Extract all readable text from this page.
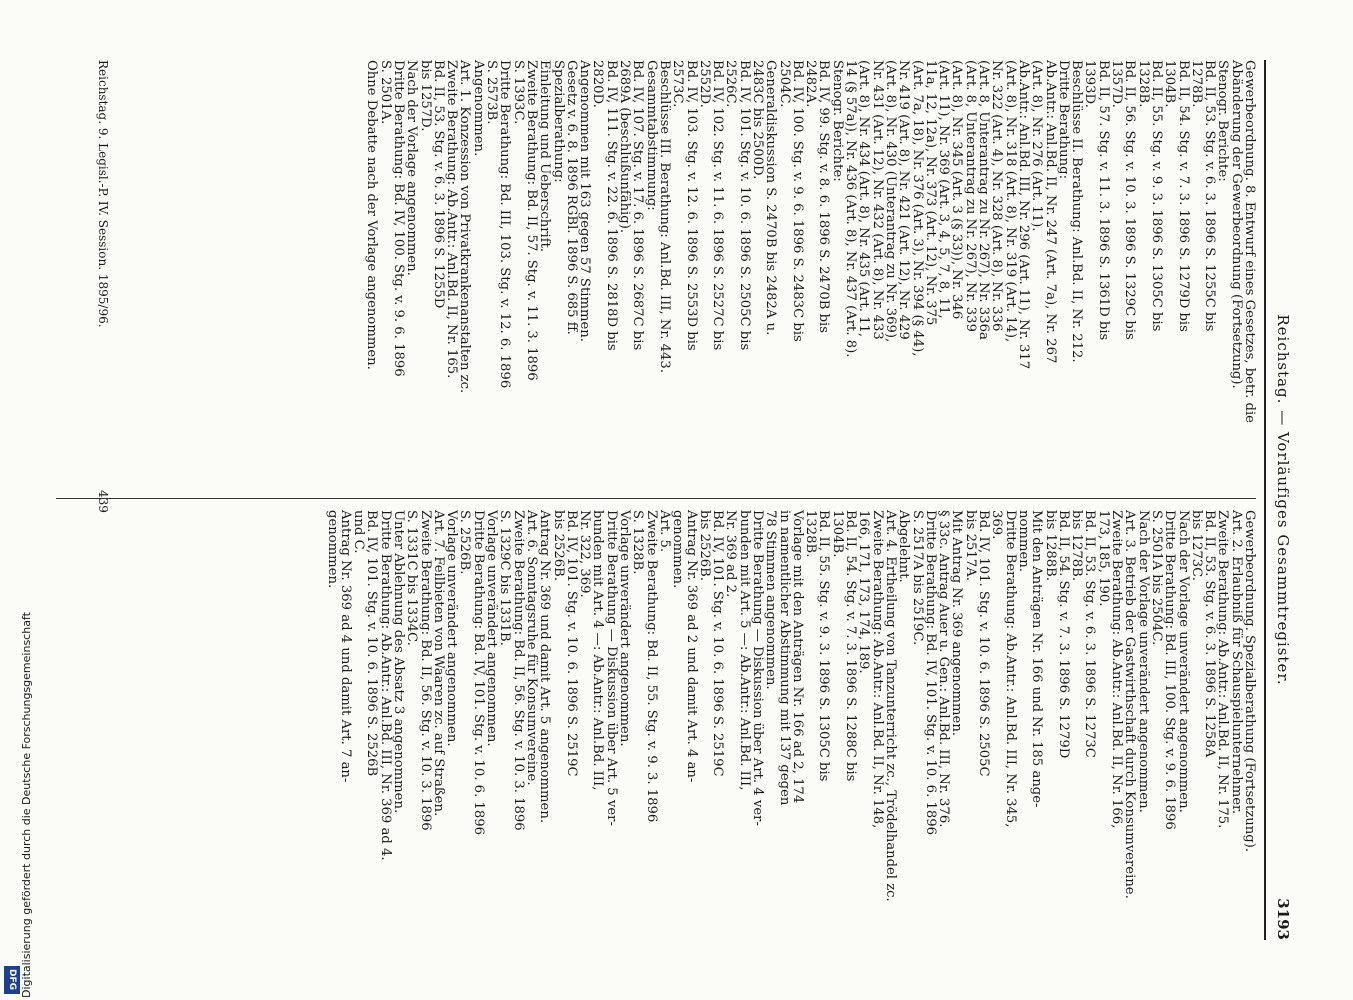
Reichstag. — Vorläufiges Gesammtregister.
3193
Gewerbeordnung. 8. Entwurf eines Gesetzes, betr. die
Abänderung der Gewerbeordnung (Fortsetzung).
Stenogr. Berichte:
Bd. II, 53. Stg. v. 6. 3. 1896 S. 1255C bis
1278B.
Bd. II, 54. Stg. v. 7. 3. 1896 S. 1279D bis
1304B.
Bd. II, 55. Stg. v. 9. 3. 1896 S. 1305C bis
1328B.
Bd. II, 56. Stg. v. 10. 3. 1896 S. 1329C bis
1357D.
Bd. II, 57. Stg. v. 11. 3. 1896 S. 1361D bis
1393D.
Beschlüsse II. Berathung: Anl.Bd. II, Nr. 212.
Dritte Berathung:
Ab.Antr.: Anl.Bd. II, Nr. 247 (Art. 7a), Nr. 267
(Art. 8), Nr. 276 (Art. 11).
Ab.Antr.: Anl.Bd. III, Nr. 296 (Art. 11), Nr. 317
(Art. 8), Nr. 318 (Art. 8), Nr. 319 (Art. 14),
Nr. 322 (Art. 4), Nr. 328 (Art. 8), Nr. 336
(Art. 8, Unterantrag zu Nr. 267), Nr. 336a
(Art. 8, Unterantrag zu Nr. 267), Nr. 339
(Art. 8), Nr. 345 (Art. 3 (§ 33)), Nr. 346
(Art. 11), Nr. 369 (Art. 3, 4, 5, 7, 8, 11,
11a, 12, 12a), Nr. 373 (Art. 12), Nr. 375
(Art. 7a, 18), Nr. 376 (Art. 3), Nr. 394 (§ 44),
Nr. 419 (Art. 8), Nr. 421 (Art. 12), Nr. 429
(Art. 8), Nr. 430 (Unterantrag zu Nr. 369),
Nr. 431 (Art. 12), Nr. 432 (Art. 8), Nr. 433
(Art. 8), Nr. 434 (Art. 8), Nr. 435 (Art. 11,
14 (§ 57a)), Nr. 436 (Art. 8), Nr. 437 (Art. 8).
Stenogr. Berichte:
Bd. IV, 99. Stg. v. 8. 6. 1896 S. 2470B bis
2482A.
Bd. IV, 100. Stg. v. 9. 6. 1896 S. 2483C bis
2504C.
Generaldiskussion S. 2470B bis 2482A u.
2483C bis 2500D.
Bd. IV, 101. Stg. v. 10. 6. 1896 S. 2505C bis
2526C.
Bd. IV, 102. Stg. v. 11. 6. 1896 S. 2527C bis
2552D.
Bd. IV, 103. Stg. v. 12. 6. 1896 S. 2553D bis
2573C.
Beschlüsse III. Berathung: Anl.Bd. III, Nr. 443.
Gesammtabstimmung:
Bd. IV, 107. Stg. v. 17. 6. 1896 S. 2687C bis
2689A (beschlußunfähig).
Bd. IV, 111. Stg. v. 22. 6. 1896 S. 2818D bis
2820D.
Angenommen mit 163 gegen 57 Stimmen.
Gesetz v. 6. 8. 1896 RGBl. 1896 S. 685 ff.
Spezialberathung:
Einleitung und Ueberschrift.
Zweite Berathung: Bd. II, 57. Stg. v. 11. 3. 1896
S. 1393C.
Dritte Berathung: Bd. III, 103. Stg. v. 12. 6. 1896
S. 2573B.
Angenommen.
Art. 1. Konzession von Privatkrankenanstalten zc.
Zweite Berathung: Ab.Antr.: Anl.Bd. II, Nr. 165.
Bd. II, 53. Stg. v. 6. 3. 1896 S. 1255D
bis 1257D.
Nach der Vorlage angenommen.
Dritte Berathung: Bd. IV, 100. Stg. v. 9. 6. 1896
S. 2501A.
Ohne Debatte nach der Vorlage angenommen.
Gewerbeordnung. Spezialberathung (Fortsetzung).
Art. 2. Erlaubniß für Schauspielunternehmer.
Zweite Berathung: Ab.Antr.: Anl.Bd. II, Nr. 175.
Bd. II, 53. Stg. v. 6. 3. 1896 S. 1258A
bis 1273C.
Nach der Vorlage unverändert angenommen.
Dritte Berathung: Bd. III, 100. Stg. v. 9. 6. 1896
S. 2501A bis 2504C.
Nach der Vorlage unverändert angenommen.
Art. 3. Betrieb der Gastwirthschaft durch Konsumvereine.
Zweite Berathung: Ab.Antr.: Anl.Bd. II, Nr. 166,
173, 185, 190.
Bd. II, 53. Stg. v. 6. 3. 1896 S. 1273C
bis 1278B.
Bd. II, 54. Stg. v. 7. 3. 1896 S. 1279D
bis 1288B.
Mit den Anträgen Nr. 166 und Nr. 185 ange-
nommen.
Dritte Berathung: Ab.Antr.: Anl.Bd. III, Nr. 345,
369.
Bd. IV, 101. Stg. v. 10. 6. 1896 S. 2505C
bis 2517A.
Mit Antrag Nr. 369 angenommen.
§ 33c. Antrag Auer u. Gen.: Anl.Bd. III, Nr. 376.
Dritte Berathung: Bd. IV, 101. Stg. v. 10. 6. 1896
S. 2517A bis 2519C.
Abgelehnt.
Art. 4. Ertheilung von Tanzunterricht zc., Trödelhandel zc.
Zweite Berathung: Ab.Antr.: Anl.Bd. II, Nr. 148,
166, 171, 173, 174, 189.
Bd. II, 54. Stg. v. 7. 3. 1896 S. 1288C bis
1304B.
Bd. II, 55. Stg. v. 9. 3. 1896 S. 1305C bis
1328B.
Vorlage mit den Anträgen Nr. 166 ad 2, 174
in namentlicher Abstimmung mit 137 gegen
78 Stimmen angenommen.
Dritte Berathung — Diskussion über Art. 4 ver-
bunden mit Art. 5 —: Ab.Antr.: Anl.Bd. III,
Nr. 369 ad 2.
Bd. IV, 101. Stg. v. 10. 6. 1896 S. 2519C
bis 2526B.
Antrag Nr. 369 ad 2 und damit Art. 4 an-
genommen.
Art. 5.
Zweite Berathung: Bd. II, 55. Stg. v. 9. 3. 1896
S. 1328B.
Vorlage unverändert angenommen.
Dritte Berathung — Diskussion über Art. 5 ver-
bunden mit Art. 4 —: Ab.Antr.: Anl.Bd. III,
Nr. 322, 369.
Bd. IV, 101. Stg. v. 10. 6. 1896 S. 2519C
bis 2526B.
Antrag Nr. 369 und damit Art. 5 angenommen.
Art. 6. Sonntagsruhe für Konsumvereine.
Zweite Berathung: Bd. II, 56. Stg. v. 10. 3. 1896
S. 1329C bis 1331B.
Vorlage unverändert angenommen.
Dritte Berathung: Bd. IV, 101. Stg. v. 10. 6. 1896
S. 2526B.
Vorlage unverändert angenommen.
Art. 7. Feilbieten von Waaren zc. auf Straßen.
Zweite Berathung: Bd. II, 56. Stg. v. 10. 3. 1896
S. 1331C bis 1334C.
Unter Ablehnung des Absatz 3 angenommen.
Dritte Berathung: Ab.Antr.: Anl.Bd. III, Nr. 369 ad 4.
Bd. IV, 101. Stg. v. 10. 6. 1896 S. 2526B
und C.
Antrag Nr. 369 ad 4 und damit Art. 7 an-
genommen.
Reichstag. 9. Legisl.-P. IV. Session. 1895/96.
439
Digitalisierung gefördert durch die Deutsche Forschungsgemeinschaft
DFG
